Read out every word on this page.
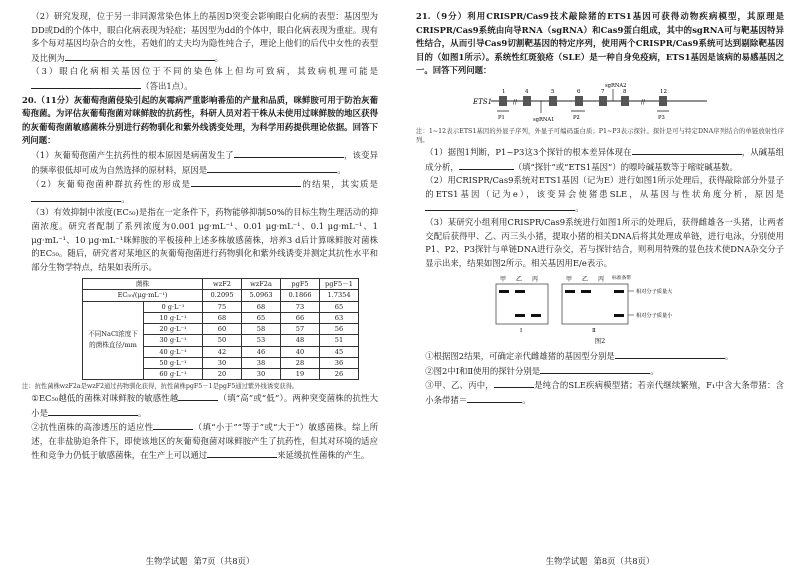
（2）研究发现，位于另一非同源常染色体上的基因D突变会影响眼白化病的表型：基因型为DD或Dd的个体中，眼白化病表现为轻症；基因型为dd的个体中，眼白化病表现为重症。现有多个每对基因均杂合的女性，若她们的丈夫均为隐性纯合子，理论上他们的后代中女性的表型及比例为	。

（3）眼白化病相关基因位于不同的染色体上但均可致病，其致病机理可能是（答出1点）。

20.（11分）灰葡萄孢菌侵染引起的灰霉病严重影响番茄的产量和品质，咪鲜胺可用于防治灰葡萄孢菌。为评估灰葡萄孢菌对咪鲜胺的抗药性，科研人员对若干株从未使用过咪鲜胺的地区获得的灰葡萄孢菌敏感菌株分别进行药物驯化和紫外线诱变处理，为科学用药提供理论依据。回答下列问题：

（1）灰葡萄孢菌产生抗药性的根本原因是病菌发生了	，该变异的频率很低却可成为自然选择的原材料，原因是	。

（2）灰葡萄孢菌种群抗药性的形成是	的结果，其实质是。

（3）有效抑制中浓度(EC₅₀)是指在一定条件下，药物能够抑制50%的目标生物生理活动的抑菌浓度。研究者配制了系列浓度为0.001 μg·mL⁻¹、0.01 μg·mL⁻¹、0.1 μg·mL⁻¹、1 μg·mL⁻¹、10 μg·mL⁻¹咪鲜胺的平板接种上述多株敏感菌株，培养3 d后计算咪鲜胺对菌株的EC₅₀。随后，研究者对某地区的灰葡萄孢菌进行药物驯化和紫外线诱变并测定其抗性水平和部分生物学特点，结果如表所示。

菌株		wzF2	wzF2a	pgF5	pgF5－1
EC₅₀/(μg·mL⁻¹)		0.2095	5.0963	0.1866	1.7354
不同NaCl浓度下的菌株直径/mm	0 g·L⁻¹	75	68	73	65
	10 g·L⁻¹	68	65	66	63
	20 g·L⁻¹	60	58	57	56
	30 g·L⁻¹	50	53	48	51
	40 g·L⁻¹	42	46	40	45
	50 g·L⁻¹	30	38	28	36
	60 g·L⁻¹	20	30	19	26

注：抗性菌株wzF2a是wzF2通过药物驯化获得，抗性菌株pgF5－1是pgF5通过紫外线诱变获得。

①EC₅₀越低的菌株对咪鲜胺的敏感性越	（填“高”或“低”）。两种突变菌株的抗性大小是	。

②抗性菌株的高渗透压的适应性	（填“小于”“等于”或“大于”）敏感菌株。综上所述，在非盐胁迫条件下，即使该地区的灰葡萄孢菌对咪鲜胺产生了抗药性，但其对环境的适应性和竞争力仍低于敏感菌株，在生产上可以通过	来延缓抗性菌株的产生。

生物学试题 第7页（共8页）

21.（9分）利用CRISPR/Cas9技术敲除猪的ETS1基因可获得动物疾病模型，其原理是CRISPR/Cas9系统由向导RNA（sgRNA）和Cas9蛋白组成，其中的sgRNA可与靶基因特异性结合，从而引导Cas9切割靶基因的特定序列，使用两个CRISPR/Cas9系统可达到剔除靶基因目的（如图1所示）。系统性红斑狼疮（SLE）是一种自身免疫病，ETS1基因是该病的易感基因之一。回答下列问题：

ETS1
1
//
4	5	6	7	8
//
12
sgRNA1
sgRNA2
P1	P2	P3

注：1~12表示ETS1基因的外显子序列，外显子可编码蛋白质；P1~P3表示探针。探针是可与特定DNA序列结合的单链放射性序列。

（1）据图1判断，P1~P3这3个探针的根本差异体现在	，从碱基组成分析，	（填“探针”或“ETS1基因”）的嘌呤碱基数等于嘧啶碱基数。

（2）用CRISPR/Cas9系统对ETS1基因（记为E）进行如图1所示处理后，获得敲除部分外显子的ETS1基因（记为e），该变异会使猪患SLE，从基因与性状角度分析，原因是。

（3）某研究小组利用CRISPR/Cas9系统进行如图1所示的处理后，获得雌雄各一头猪，让两者交配后获得甲、乙、丙三头小猪，提取小猪的相关DNA后将其处理成单链，进行电泳，分别使用P1、P2、P3探针与单链DNA进行杂交，若与探针结合，则利用特殊的显色技术使DNA杂交分子显示出来，结果如图2所示。相关基因用E/e表示。

甲 乙 丙	甲 乙 丙 标准条带
相对分子质量大
相对分子质量小
Ⅰ	Ⅱ

图2

①根据图2结果，可确定亲代雌雄猪的基因型分别是	。

②图2中Ⅰ和Ⅱ使用的探针分别是	。

③甲、乙、丙中，	是纯合的SLE疾病模型猪；若亲代继续繁殖，F₁中含大条带猪：含小条带猪＝	。

生物学试题 第8页（共8页）
